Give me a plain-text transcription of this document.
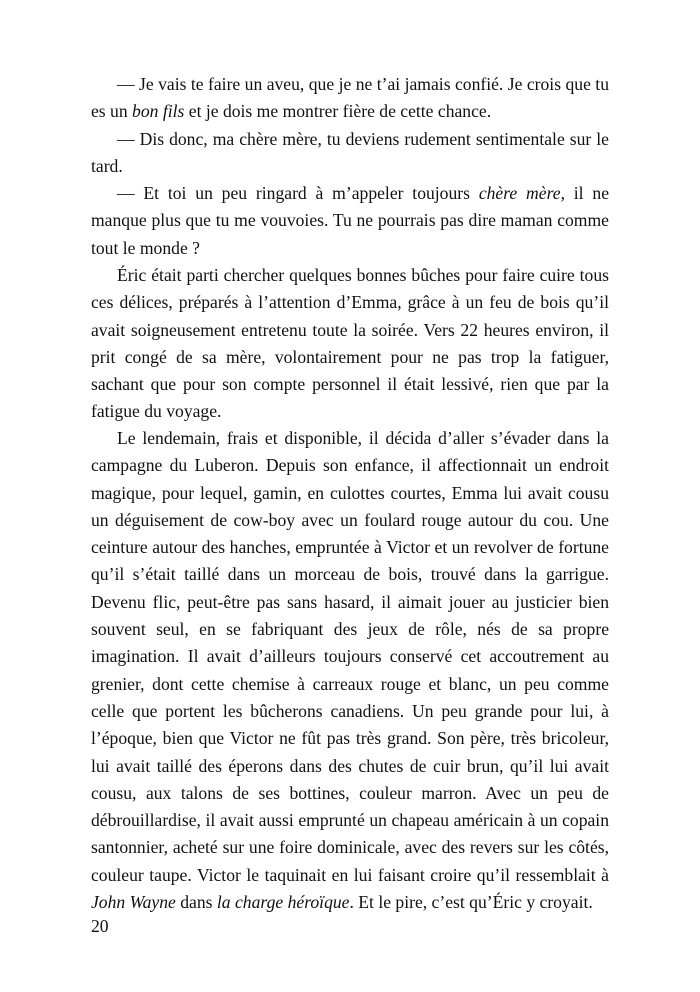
— Je vais te faire un aveu, que je ne t’ai jamais confié. Je crois que tu es un bon fils et je dois me montrer fière de cette chance.

— Dis donc, ma chère mère, tu deviens rudement sentimentale sur le tard.

— Et toi un peu ringard à m’appeler toujours chère mère, il ne manque plus que tu me vouvoies. Tu ne pourrais pas dire maman comme tout le monde ?

Éric était parti chercher quelques bonnes bûches pour faire cuire tous ces délices, préparés à l’attention d’Emma, grâce à un feu de bois qu’il avait soigneusement entretenu toute la soirée. Vers 22 heures environ, il prit congé de sa mère, volontairement pour ne pas trop la fatiguer, sachant que pour son compte personnel il était lessivé, rien que par la fatigue du voyage.

Le lendemain, frais et disponible, il décida d’aller s’évader dans la campagne du Luberon. Depuis son enfance, il affectionnait un endroit magique, pour lequel, gamin, en culottes courtes, Emma lui avait cousu un déguisement de cow-boy avec un foulard rouge autour du cou. Une ceinture autour des hanches, empruntée à Victor et un revolver de fortune qu’il s’était taillé dans un morceau de bois, trouvé dans la garrigue. Devenu flic, peut-être pas sans hasard, il aimait jouer au justicier bien souvent seul, en se fabriquant des jeux de rôle, nés de sa propre imagination. Il avait d’ailleurs toujours conservé cet accoutrement au grenier, dont cette chemise à carreaux rouge et blanc, un peu comme celle que portent les bûcherons canadiens. Un peu grande pour lui, à l’époque, bien que Victor ne fût pas très grand. Son père, très bricoleur, lui avait taillé des éperons dans des chutes de cuir brun, qu’il lui avait cousu, aux talons de ses bottines, couleur marron. Avec un peu de débrouillardise, il avait aussi emprunté un chapeau américain à un copain santonnier, acheté sur une foire dominicale, avec des revers sur les côtés, couleur taupe. Victor le taquinait en lui faisant croire qu’il ressemblait à John Wayne dans la charge héroïque. Et le pire, c’est qu’Éric y croyait.

20
